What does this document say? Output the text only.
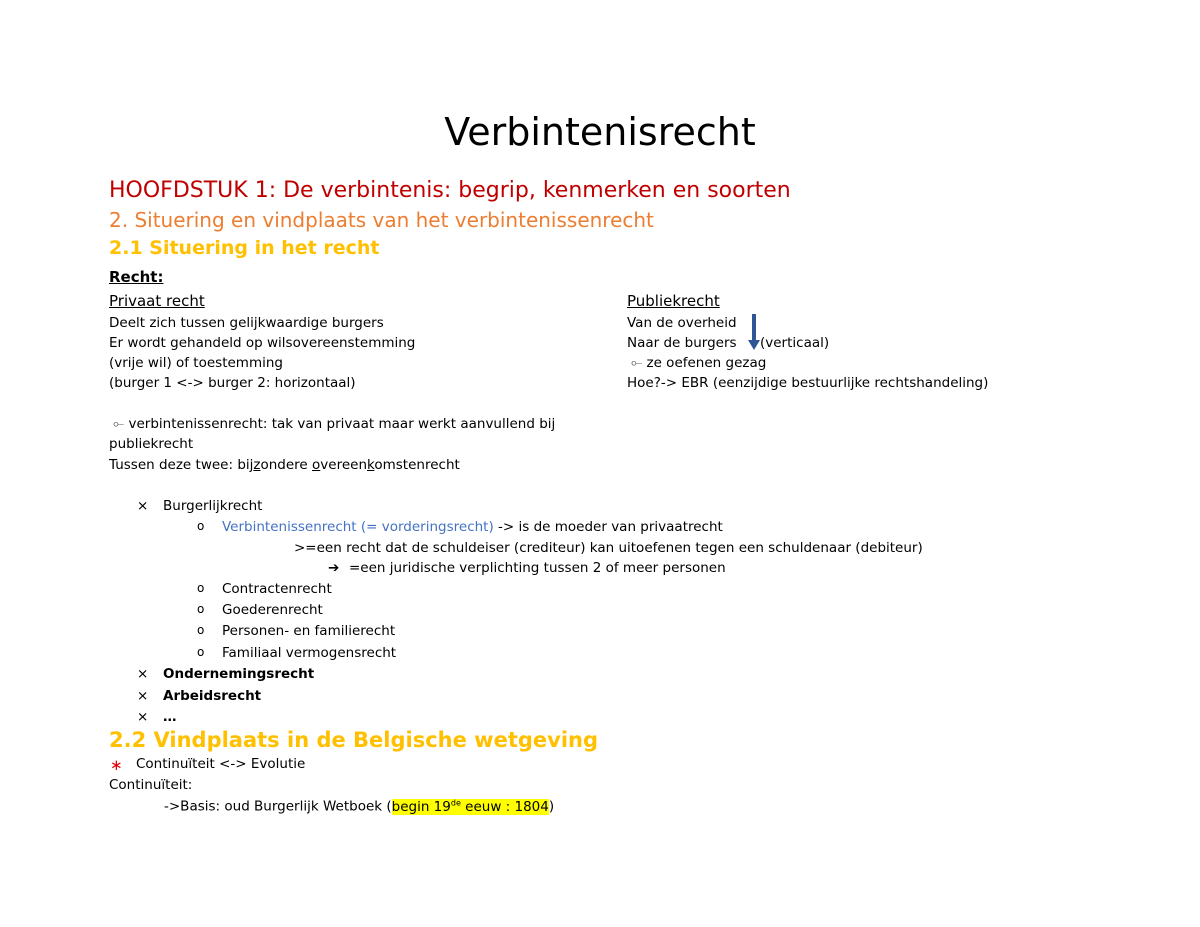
Verbintenisrecht
HOOFDSTUK 1: De verbintenis: begrip, kenmerken en soorten
2. Situering en vindplaats van het verbintenissenrecht
2.1 Situering in het recht
Recht:
Privaat recht
Deelt zich tussen gelijkwaardige burgers
Er wordt gehandeld op wilsovereenstemming
(vrije wil) of toestemming
(burger 1 <-> burger 2: horizontaal)
Publiekrecht
Van de overheid
Naar de burgers (verticaal)
⟜ ze oefenen gezag
Hoe?-> EBR (eenzijdige bestuurlijke rechtshandeling)
⟜ verbintenissenrecht: tak van privaat maar werkt aanvullend bij
publiekrecht
Tussen deze twee: bijzondere overeenkomstenrecht
× Burgerlijkrecht
o Verbintenissenrecht (= vorderingsrecht) -> is de moeder van privaatrecht
>=een recht dat de schuldeiser (crediteur) kan uitoefenen tegen een schuldenaar (debiteur)
➔ =een juridische verplichting tussen 2 of meer personen
o Contractenrecht
o Goederenrecht
o Personen- en familierecht
o Familiaal vermogensrecht
× Ondernemingsrecht
× Arbeidsrecht
× …
2.2 Vindplaats in de Belgische wetgeving
∗ Continuïteit <-> Evolutie
Continuïteit:
->Basis: oud Burgerlijk Wetboek (begin 19de eeuw : 1804)
